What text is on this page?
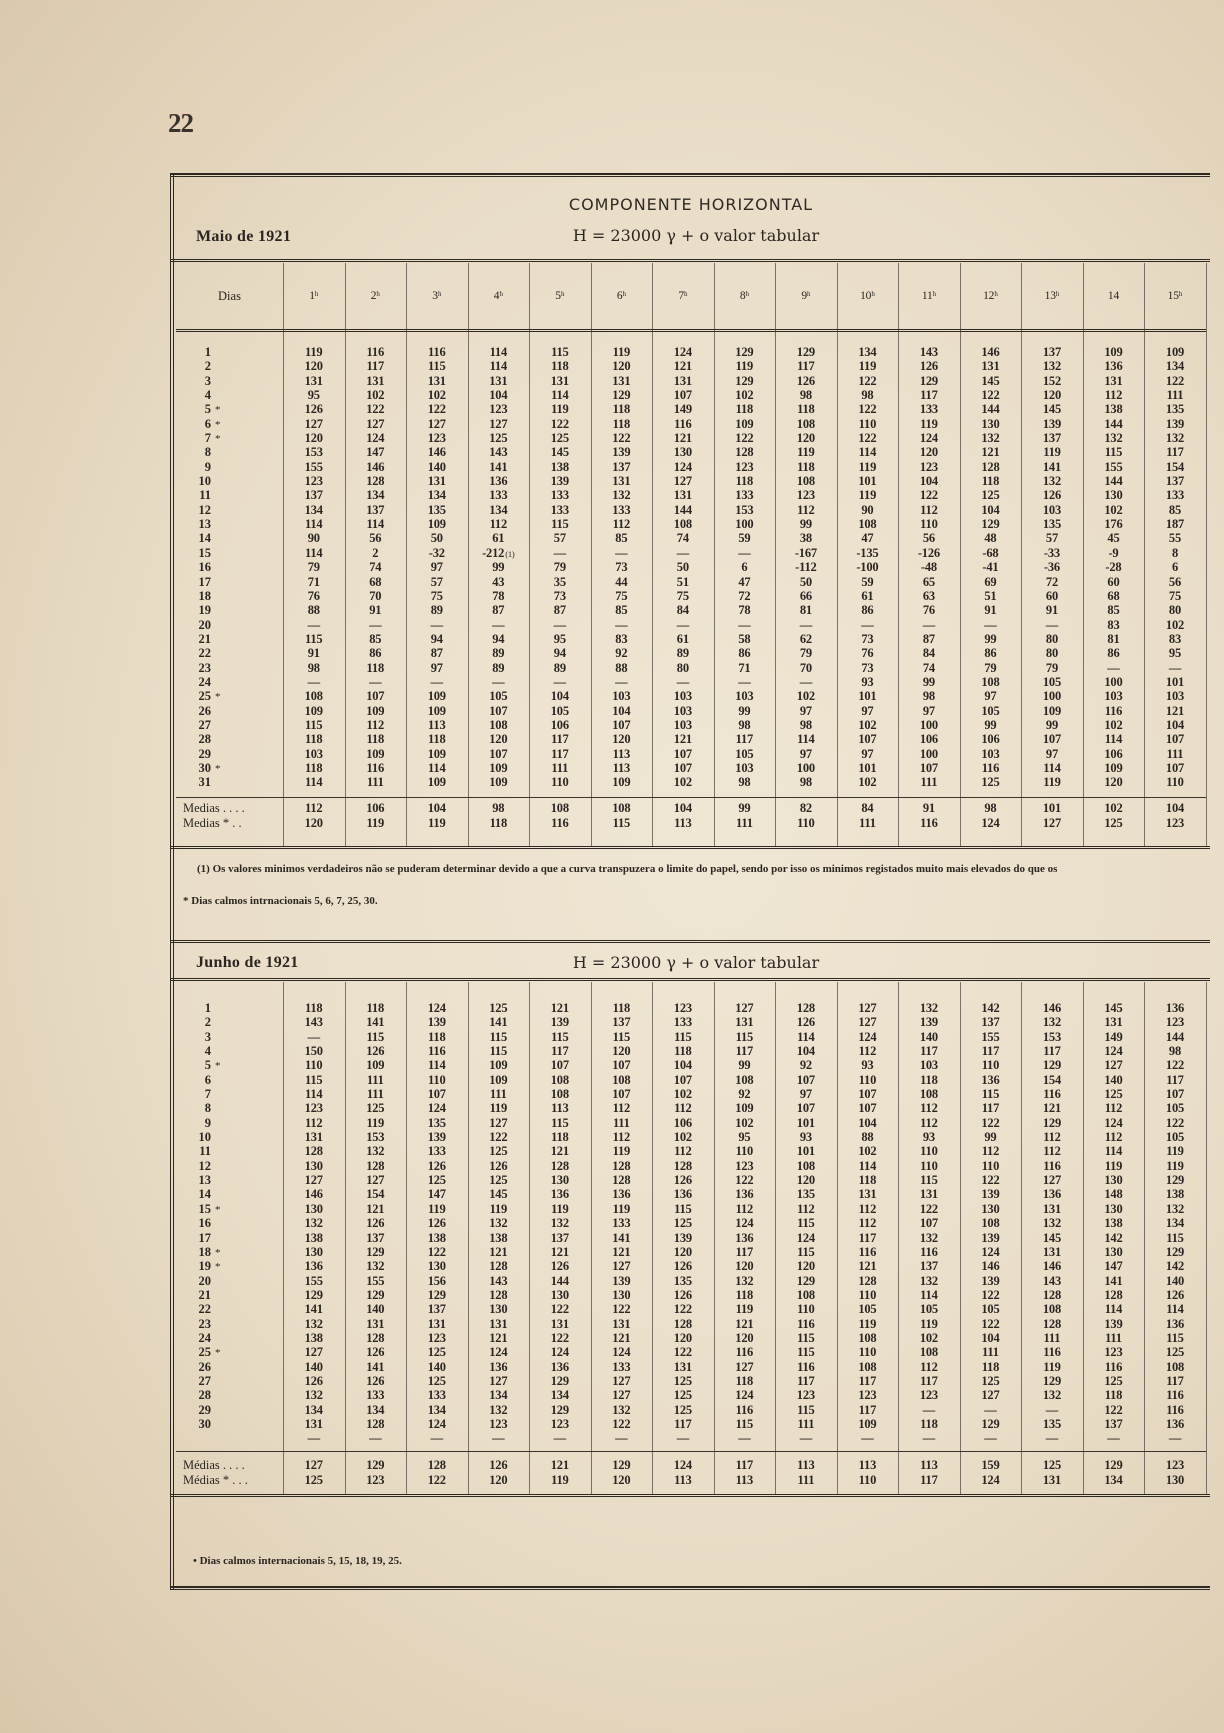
22
COMPONENTE HORIZONTAL
Maio de 1921	H = 23000 γ + o valor tabular
Dias	1ʰ	2ʰ	3ʰ	4ʰ	5ʰ	6ʰ	7ʰ	8ʰ	9ʰ	10ʰ	11ʰ	12ʰ	13ʰ	14	15ʰ
1	119	116	116	114	115	119	124	129	129	134	143	146	137	109	109
2	120	117	115	114	118	120	121	119	117	119	126	131	132	136	134
3	131	131	131	131	131	131	131	129	126	122	129	145	152	131	122
4	95	102	102	104	114	129	107	102	98	98	117	122	120	112	111
5 *	126	122	122	123	119	118	149	118	118	122	133	144	145	138	135
6 *	127	127	127	127	122	118	116	109	108	110	119	130	139	144	139
7 *	120	124	123	125	125	122	121	122	120	122	124	132	137	132	132
8	153	147	146	143	145	139	130	128	119	114	120	121	119	115	117
9	155	146	140	141	138	137	124	123	118	119	123	128	141	155	154
10	123	128	131	136	139	131	127	118	108	101	104	118	132	144	137
11	137	134	134	133	133	132	131	133	123	119	122	125	126	130	133
12	134	137	135	134	133	133	144	153	112	90	112	104	103	102	85
13	114	114	109	112	115	112	108	100	99	108	110	129	135	176	187
14	90	56	50	61	57	85	74	59	38	47	56	48	57	45	55
15	114	2	-32	-212(1)	—	—	—	—	-167	-135	-126	-68	-33	-9	8
16	79	74	97	99	79	73	50	6	-112	-100	-48	-41	-36	-28	6
17	71	68	57	43	35	44	51	47	50	59	65	69	72	60	56
18	76	70	75	78	73	75	75	72	66	61	63	51	60	68	75
19	88	91	89	87	87	85	84	78	81	86	76	91	91	85	80
20	—	—	—	—	—	—	—	—	—	—	—	—	—	83	102
21	115	85	94	94	95	83	61	58	62	73	87	99	80	81	83
22	91	86	87	89	94	92	89	86	79	76	84	86	80	86	95
23	98	118	97	89	89	88	80	71	70	73	74	79	79	—	—
24	—	—	—	—	—	—	—	—	—	93	99	108	105	100	101
25 *	108	107	109	105	104	103	103	103	102	101	98	97	100	103	103
26	109	109	109	107	105	104	103	99	97	97	97	105	109	116	121
27	115	112	113	108	106	107	103	98	98	102	100	99	99	102	104
28	118	118	118	120	117	120	121	117	114	107	106	106	107	114	107
29	103	109	109	107	117	113	107	105	97	97	100	103	97	106	111
30 *	118	116	114	109	111	113	107	103	100	101	107	116	114	109	107
31	114	111	109	109	110	109	102	98	98	102	111	125	119	120	110
Medias . . . .	112	106	104	98	108	108	104	99	82	84	91	98	101	102	104
Medias * . .	120	119	119	118	116	115	113	111	110	111	116	124	127	125	123
(1) Os valores minimos verdadeiros não se puderam determinar devido a que a curva transpuzera o limite do papel, sendo por isso os minimos registados muito mais elevados do que os
* Dias calmos intrnacionais 5, 6, 7, 25, 30.
Junho de 1921	H = 23000 γ + o valor tabular
1	118	118	124	125	121	118	123	127	128	127	132	142	146	145	136
2	143	141	139	141	139	137	133	131	126	127	139	137	132	131	123
3	—	115	118	115	115	115	115	115	114	124	140	155	153	149	144
4	150	126	116	115	117	120	118	117	104	112	117	117	117	124	98
5 *	110	109	114	109	107	107	104	99	92	93	103	110	129	127	122
6	115	111	110	109	108	108	107	108	107	110	118	136	154	140	117
7	114	111	107	111	108	107	102	92	97	107	108	115	116	125	107
8	123	125	124	119	113	112	112	109	107	107	112	117	121	112	105
9	112	119	135	127	115	111	106	102	101	104	112	122	129	124	122
10	131	153	139	122	118	112	102	95	93	88	93	99	112	112	105
11	128	132	133	125	121	119	112	110	101	102	110	112	112	114	119
12	130	128	126	126	128	128	128	123	108	114	110	110	116	119	119
13	127	127	125	125	130	128	126	122	120	118	115	122	127	130	129
14	146	154	147	145	136	136	136	136	135	131	131	139	136	148	138
15 *	130	121	119	119	119	119	115	112	112	112	122	130	131	130	132
16	132	126	126	132	132	133	125	124	115	112	107	108	132	138	134
17	138	137	138	138	137	141	139	136	124	117	132	139	145	142	115
18 *	130	129	122	121	121	121	120	117	115	116	116	124	131	130	129
19 *	136	132	130	128	126	127	126	120	120	121	137	146	146	147	142
20	155	155	156	143	144	139	135	132	129	128	132	139	143	141	140
21	129	129	129	128	130	130	126	118	108	110	114	122	128	128	126
22	141	140	137	130	122	122	122	119	110	105	105	105	108	114	114
23	132	131	131	131	131	131	128	121	116	119	119	122	128	139	136
24	138	128	123	121	122	121	120	120	115	108	102	104	111	111	115
25 *	127	126	125	124	124	124	122	116	115	110	108	111	116	123	125
26	140	141	140	136	136	133	131	127	116	108	112	118	119	116	108
27	126	126	125	127	129	127	125	118	117	117	117	125	129	125	117
28	132	133	133	134	134	127	125	124	123	123	123	127	132	118	116
29	134	134	134	132	129	132	125	116	115	117	—	—	—	122	116
30	131	128	124	123	123	122	117	115	111	109	118	129	135	137	136
—	—	—	—	—	—	—	—	—	—	—	—	—	—	—
Médias . . . .	127	129	128	126	121	129	124	117	113	113	113	159	125	129	123
Médias * . . .	125	123	122	120	119	120	113	113	111	110	117	124	131	134	130
• Dias calmos internacionais 5, 15, 18, 19, 25.
